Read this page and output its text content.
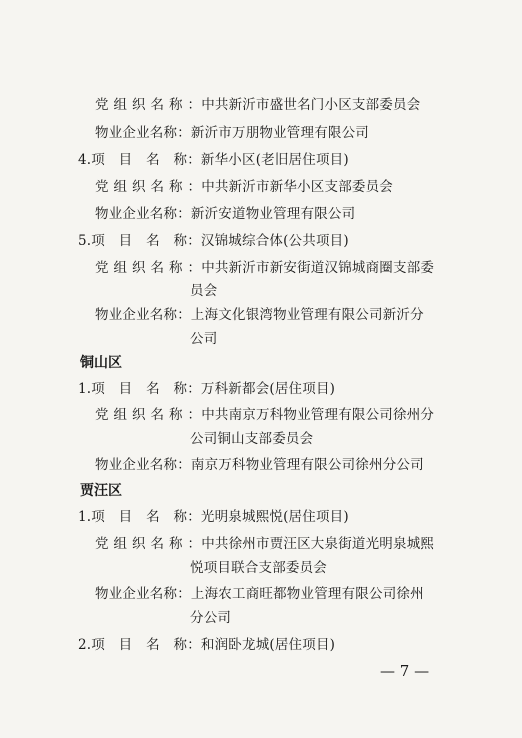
党组织名称：中共新沂市盛世名门小区支部委员会
物业企业名称：新沂市万朋物业管理有限公司
4.项　目　名　称：新华小区(老旧居住项目)
党组织名称：中共新沂市新华小区支部委员会
物业企业名称：新沂安道物业管理有限公司
5.项　目　名　称：汉锦城综合体(公共项目)
党组织名称：中共新沂市新安街道汉锦城商圈支部委
员会
物业企业名称：上海文化银湾物业管理有限公司新沂分
公司
铜山区
1.项　目　名　称：万科新都会(居住项目)
党组织名称：中共南京万科物业管理有限公司徐州分
公司铜山支部委员会
物业企业名称：南京万科物业管理有限公司徐州分公司
贾汪区
1.项　目　名　称：光明泉城熙悦(居住项目)
党组织名称：中共徐州市贾汪区大泉街道光明泉城熙
悦项目联合支部委员会
物业企业名称：上海农工商旺都物业管理有限公司徐州
分公司
2.项　目　名　称：和润卧龙城(居住项目)
— 7 —
